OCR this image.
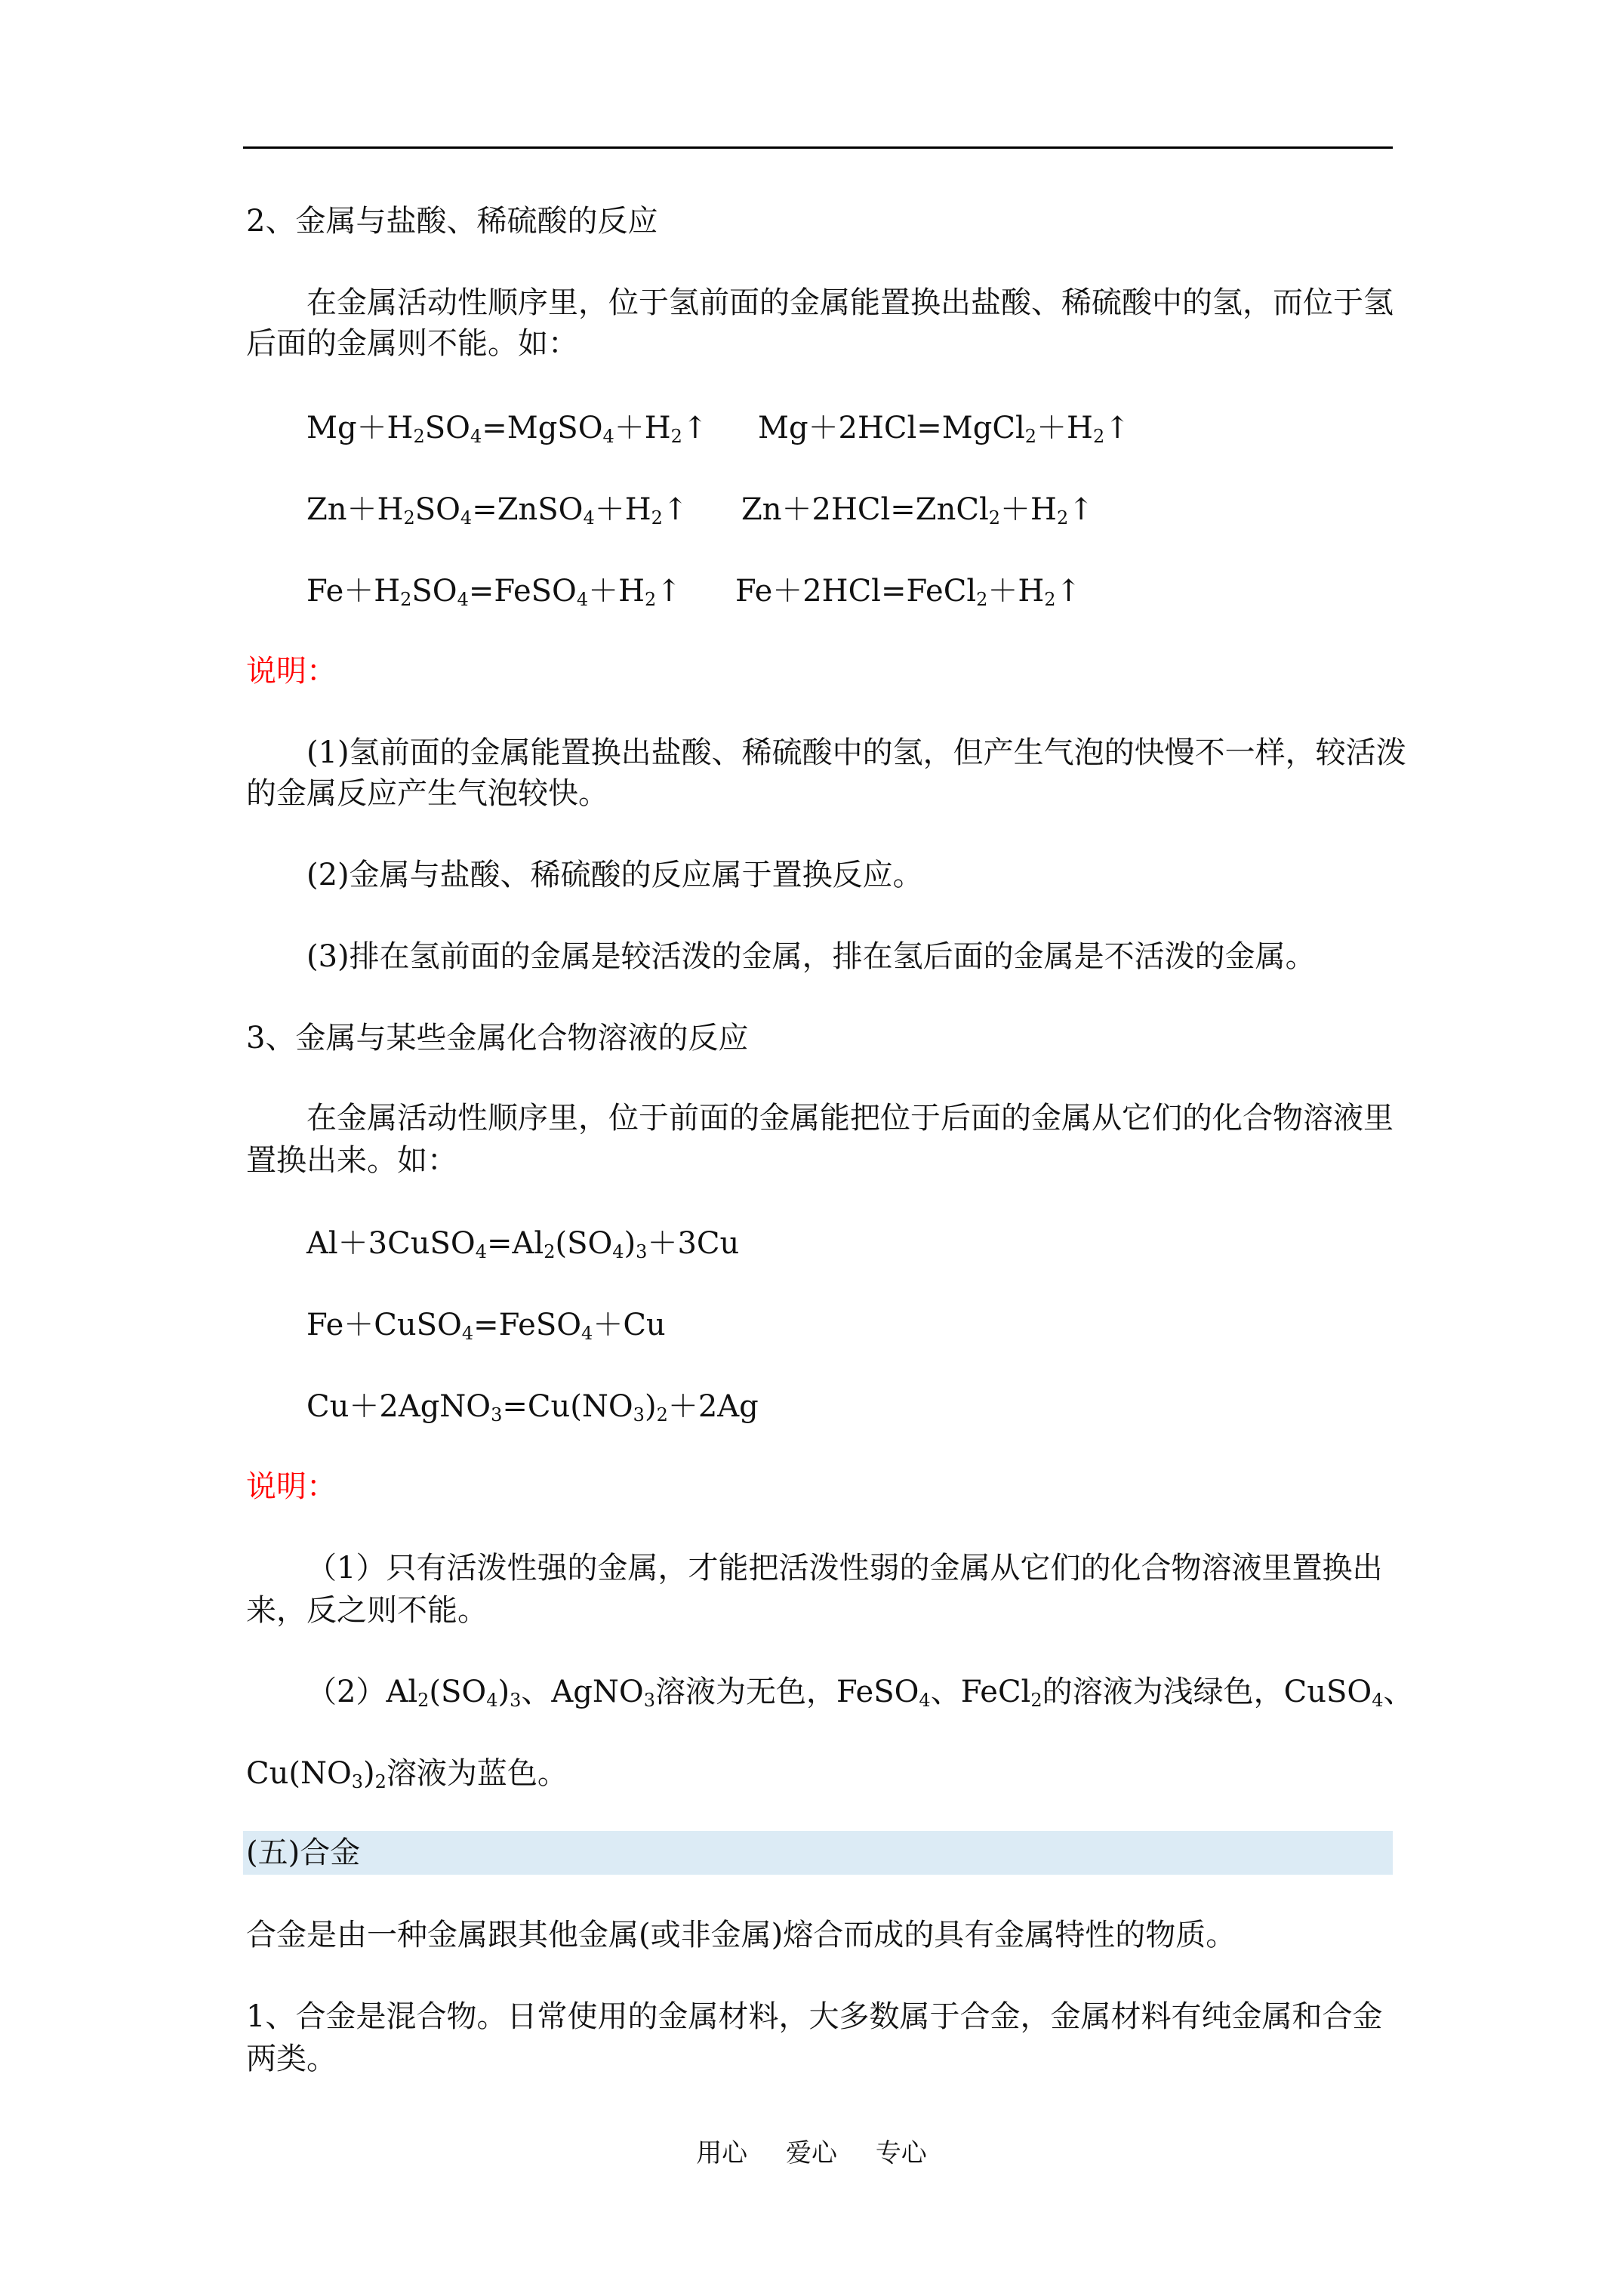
2、金属与盐酸、稀硫酸的反应
在金属活动性顺序里，位于氢前面的金属能置换出盐酸、稀硫酸中的氢，而位于氢
后面的金属则不能。如：
$Mg+H_2SO_4=MgSO_4+H_2↑$ $Mg+2HCl=MgCl_2+H_2↑$
$Zn+H_2SO_4=ZnSO_4+H_2↑$ $Zn+2HCl=ZnCl_2+H_2↑$
$Fe+H_2SO_4=FeSO_4+H_2↑$ $Fe+2HCl=FeCl_2+H_2↑$
说明：
(1)氢前面的金属能置换出盐酸、稀硫酸中的氢，但产生气泡的快慢不一样，较活泼
的金属反应产生气泡较快。
(2)金属与盐酸、稀硫酸的反应属于置换反应。
(3)排在氢前面的金属是较活泼的金属，排在氢后面的金属是不活泼的金属。
3、金属与某些金属化合物溶液的反应
在金属活动性顺序里，位于前面的金属能把位于后面的金属从它们的化合物溶液里
置换出来。如：
$Al+3CuSO_4=Al_2(SO_4)_3+3Cu$
Fe＋CuSO$_4$=FeSO$_4$＋Cu
$Cu+2AgNO_3=Cu(NO_3)_2+2Ag$
说明：
（1）只有活泼性强的金属，才能把活泼性弱的金属从它们的化合物溶液里置换出
来，反之则不能。
$(2)Al_2(SO_4)_3$、AgNO$_3$溶液为无色，FeSO$_4$、FeCl$_2$的溶液为浅绿色，CuSO$_4$、
$Cu(NO_3)_2$溶液为蓝色。
(五)合金
合金是由一种金属跟其他金属(或非金属)熔合而成的具有金属特性的物质。
1、合金是混合物。日常使用的金属材料，大多数属于合金，金属材料有纯金属和合金
两类。
用心 爱心 专心
